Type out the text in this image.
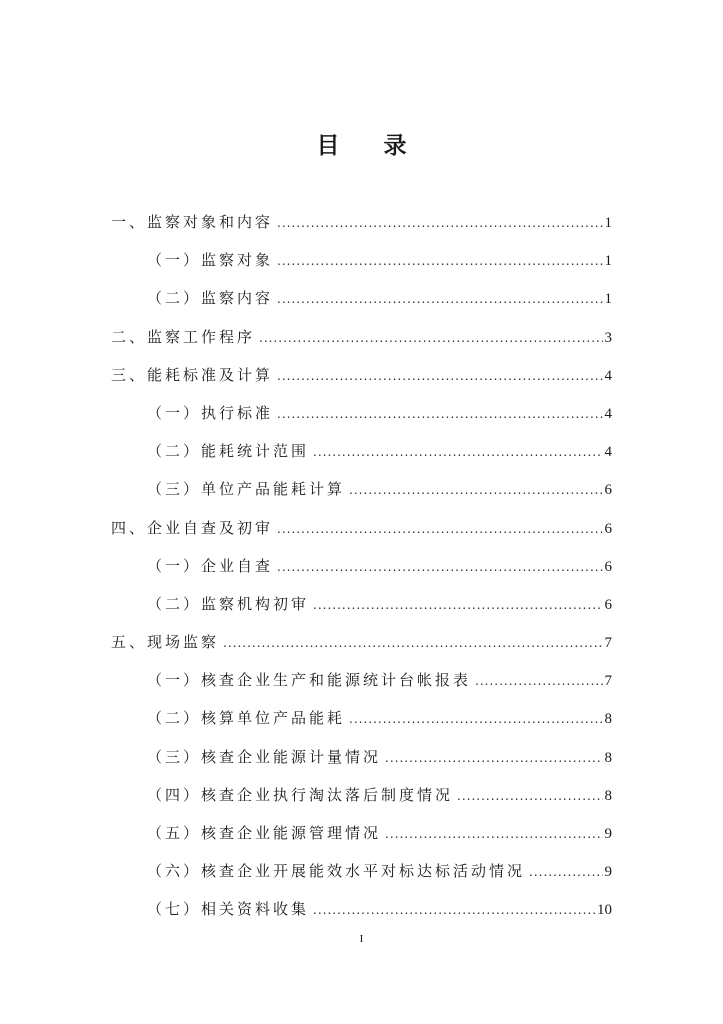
目 录
一、监察对象和内容 .....	1
（一）监察对象 .....	1
（二）监察内容 .....	1
二、监察工作程序 .....	3
三、能耗标准及计算 .....	4
（一）执行标准 .....	4
（二）能耗统计范围 .....	4
（三）单位产品能耗计算 .....	6
四、企业自查及初审 .....	6
（一）企业自查 .....	6
（二）监察机构初审 .....	6
五、现场监察 .....	7
（一）核查企业生产和能源统计台帐报表 .....	7
（二）核算单位产品能耗 .....	8
（三）核查企业能源计量情况 .....	8
（四）核查企业执行淘汰落后制度情况 .....	8
（五）核查企业能源管理情况 .....	9
（六）核查企业开展能效水平对标达标活动情况 .....	9
（七）相关资料收集 .....	10
I
